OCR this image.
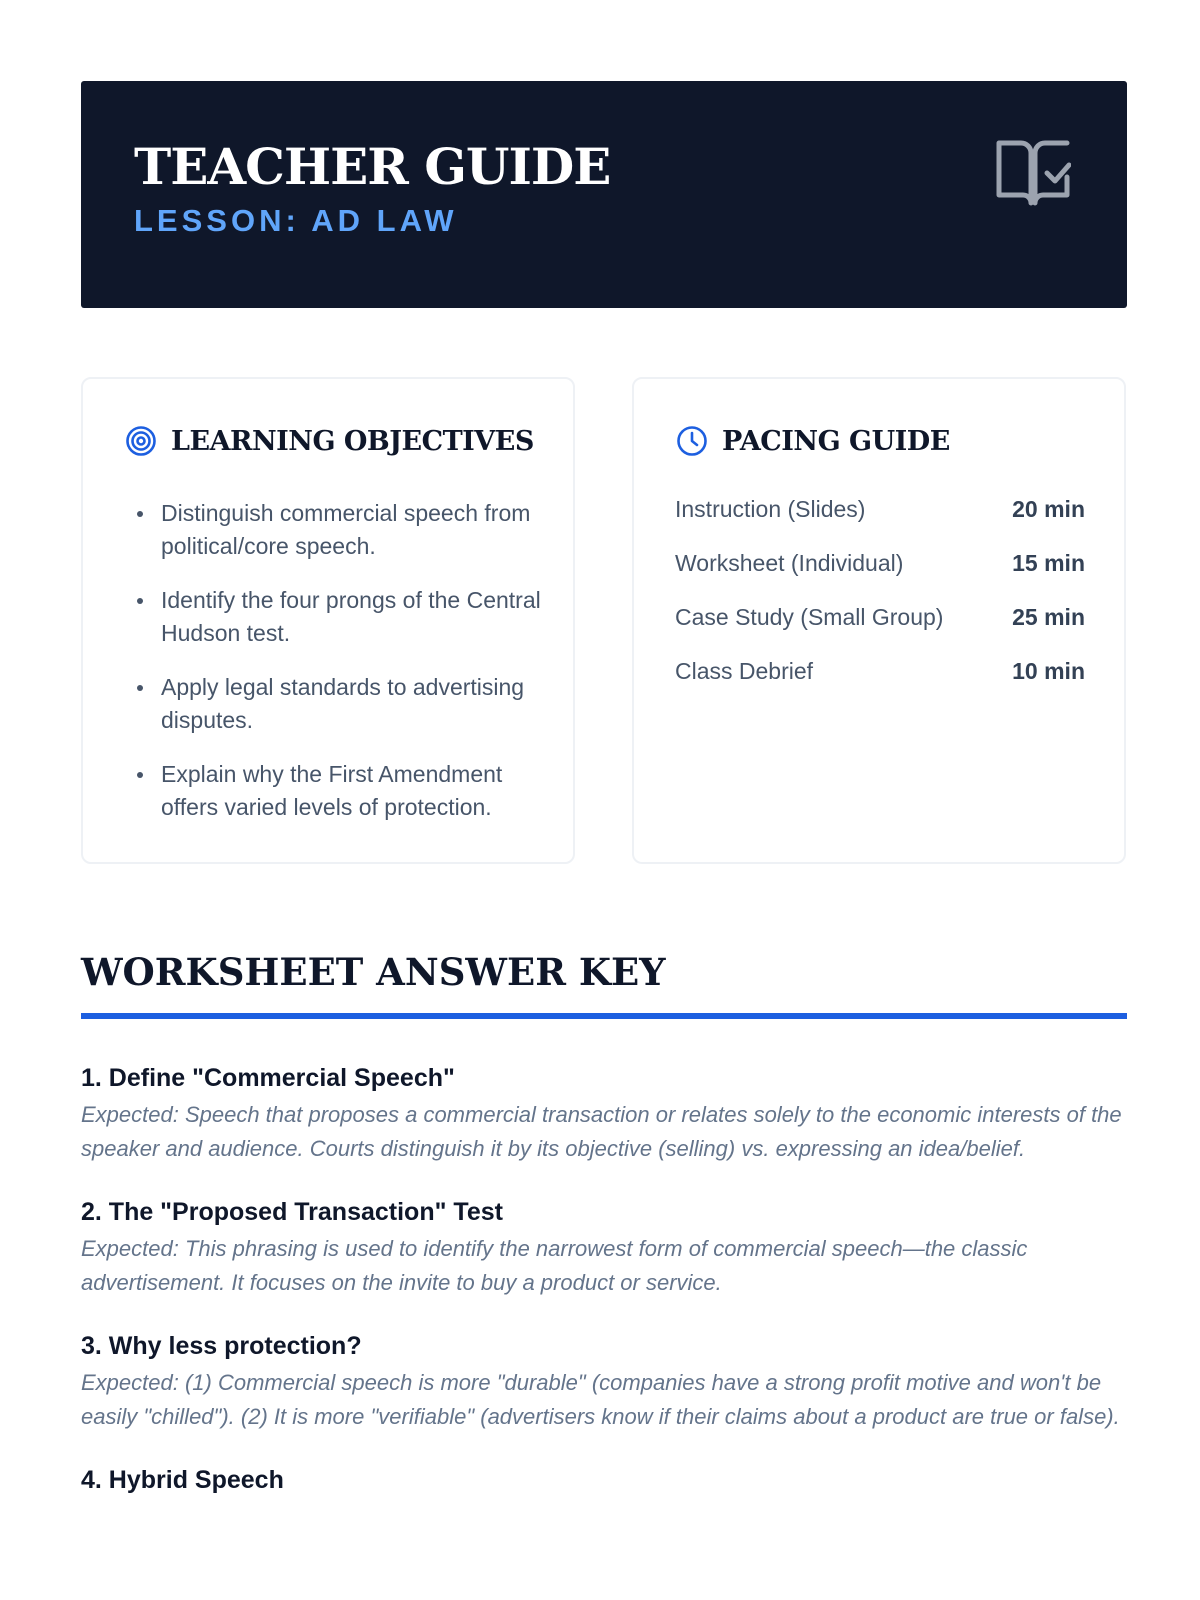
TEACHER GUIDE
LESSON: AD LAW
LEARNING OBJECTIVES
Distinguish commercial speech from political/core speech.
Identify the four prongs of the Central Hudson test.
Apply legal standards to advertising disputes.
Explain why the First Amendment offers varied levels of protection.
PACING GUIDE
Instruction (Slides)	20 min
Worksheet (Individual)	15 min
Case Study (Small Group)	25 min
Class Debrief	10 min
WORKSHEET ANSWER KEY
1. Define "Commercial Speech"
Expected: Speech that proposes a commercial transaction or relates solely to the economic interests of the speaker and audience. Courts distinguish it by its objective (selling) vs. expressing an idea/belief.
2. The "Proposed Transaction" Test
Expected: This phrasing is used to identify the narrowest form of commercial speech—the classic advertisement. It focuses on the invite to buy a product or service.
3. Why less protection?
Expected: (1) Commercial speech is more "durable" (companies have a strong profit motive and won't be easily "chilled"). (2) It is more "verifiable" (advertisers know if their claims about a product are true or false).
4. Hybrid Speech
